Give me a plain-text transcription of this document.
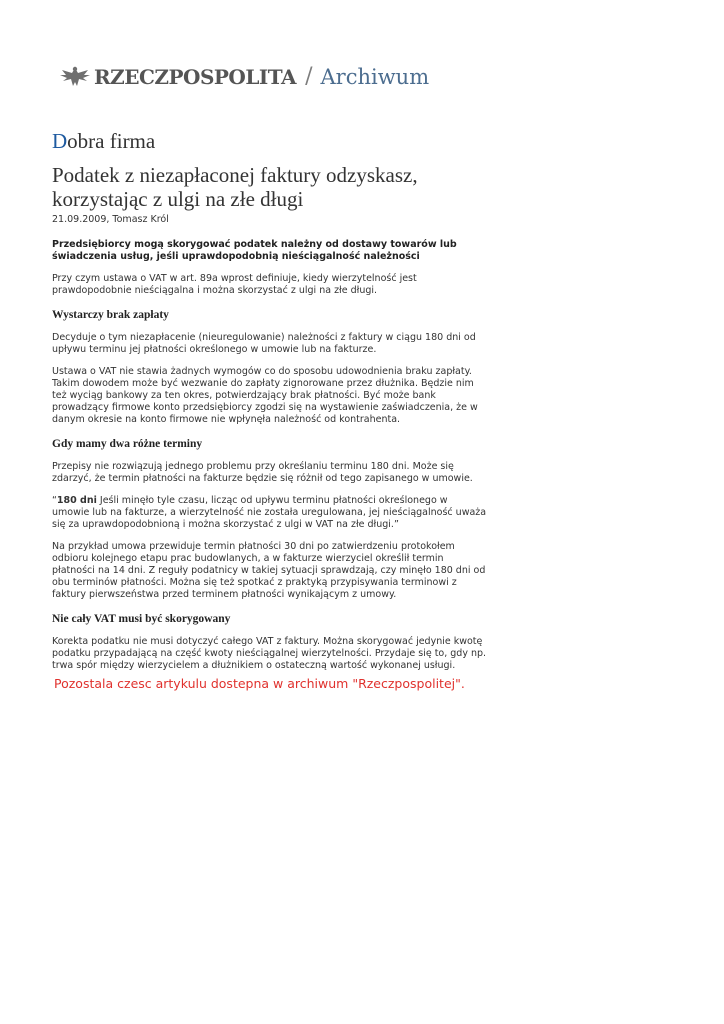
RZECZPOSPOLITA / Archiwum
Dobra firma
Podatek z niezapłaconej faktury odzyskasz,
korzystając z ulgi na złe długi
21.09.2009, Tomasz Król
Przedsiębiorcy mogą skorygować podatek należny od dostawy towarów lub
świadczenia usług, jeśli uprawdopodobnią nieściągalność należności

Przy czym ustawa o VAT w art. 89a wprost definiuje, kiedy wierzytelność jest
prawdopodobnie nieściągalna i można skorzystać z ulgi na złe długi.

Wystarczy brak zapłaty

Decyduje o tym niezapłacenie (nieuregulowanie) należności z faktury w ciągu 180 dni od
upływu terminu jej płatności określonego w umowie lub na fakturze.

Ustawa o VAT nie stawia żadnych wymogów co do sposobu udowodnienia braku zapłaty.
Takim dowodem może być wezwanie do zapłaty zignorowane przez dłużnika. Będzie nim
też wyciąg bankowy za ten okres, potwierdzający brak płatności. Być może bank
prowadzący firmowe konto przedsiębiorcy zgodzi się na wystawienie zaświadczenia, że w
danym okresie na konto firmowe nie wpłynęła należność od kontrahenta.

Gdy mamy dwa różne terminy

Przepisy nie rozwiązują jednego problemu przy określaniu terminu 180 dni. Może się
zdarzyć, że termin płatności na fakturze będzie się różnił od tego zapisanego w umowie.

“180 dni Jeśli minęło tyle czasu, licząc od upływu terminu płatności określonego w
umowie lub na fakturze, a wierzytelność nie została uregulowana, jej nieściągalność uważa
się za uprawdopodobnioną i można skorzystać z ulgi w VAT na złe długi.”

Na przykład umowa przewiduje termin płatności 30 dni po zatwierdzeniu protokołem
odbioru kolejnego etapu prac budowlanych, a w fakturze wierzyciel określił termin
płatności na 14 dni. Z reguły podatnicy w takiej sytuacji sprawdzają, czy minęło 180 dni od
obu terminów płatności. Można się też spotkać z praktyką przypisywania terminowi z
faktury pierwszeństwa przed terminem płatności wynikającym z umowy.

Nie cały VAT musi być skorygowany

Korekta podatku nie musi dotyczyć całego VAT z faktury. Można skorygować jedynie kwotę
podatku przypadającą na część kwoty nieściągalnej wierzytelności. Przydaje się to, gdy np.
trwa spór między wierzycielem a dłużnikiem o ostateczną wartość wykonanej usługi.

Pozostala czesc artykulu dostepna w archiwum "Rzeczpospolitej".
